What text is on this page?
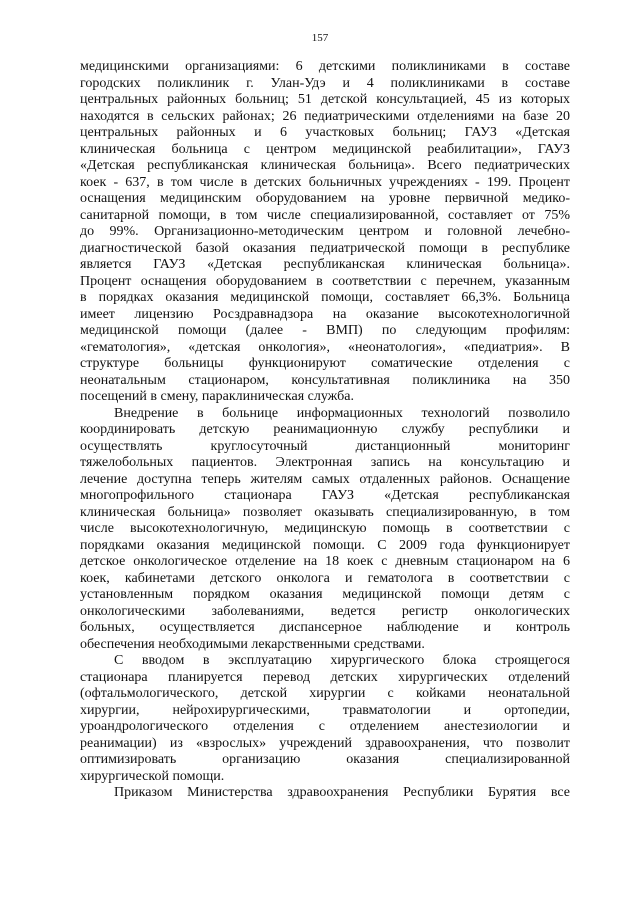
157
медицинскими организациями: 6 детскими поликлиниками в составе
городских поликлиник г. Улан-Удэ и 4 поликлиниками в составе
центральных районных больниц; 51 детской консультацией, 45 из которых
находятся в сельских районах; 26 педиатрическими отделениями на базе 20
центральных районных и 6 участковых больниц; ГАУЗ «Детская
клиническая больница с центром медицинской реабилитации», ГАУЗ
«Детская республиканская клиническая больница». Всего педиатрических
коек - 637, в том числе в детских больничных учреждениях - 199. Процент
оснащения медицинским оборудованием на уровне первичной медико-
санитарной помощи, в том числе специализированной, составляет от 75%
до 99%. Организационно-методическим центром и головной лечебно-
диагностической базой оказания педиатрической помощи в республике
является ГАУЗ «Детская республиканская клиническая больница».
Процент оснащения оборудованием в соответствии с перечнем, указанным
в порядках оказания медицинской помощи, составляет 66,3%. Больница
имеет лицензию Росздравнадзора на оказание высокотехнологичной
медицинской помощи (далее - ВМП) по следующим профилям:
«гематология», «детская онкология», «неонатология», «педиатрия». В
структуре больницы функционируют соматические отделения с
неонатальным стационаром, консультативная поликлиника на 350
посещений в смену, параклиническая служба.
Внедрение в больнице информационных технологий позволило
координировать детскую реанимационную службу республики и
осуществлять круглосуточный дистанционный мониторинг
тяжелобольных пациентов. Электронная запись на консультацию и
лечение доступна теперь жителям самых отдаленных районов. Оснащение
многопрофильного стационара ГАУЗ «Детская республиканская
клиническая больница» позволяет оказывать специализированную, в том
числе высокотехнологичную, медицинскую помощь в соответствии с
порядками оказания медицинской помощи. С 2009 года функционирует
детское онкологическое отделение на 18 коек с дневным стационаром на 6
коек, кабинетами детского онколога и гематолога в соответствии с
установленным порядком оказания медицинской помощи детям с
онкологическими заболеваниями, ведется регистр онкологических
больных, осуществляется диспансерное наблюдение и контроль
обеспечения необходимыми лекарственными средствами.
С вводом в эксплуатацию хирургического блока строящегося
стационара планируется перевод детских хирургических отделений
(офтальмологического, детской хирургии с койками неонатальной
хирургии, нейрохирургическими, травматологии и ортопедии,
уроандрологического отделения с отделением анестезиологии и
реанимации) из «взрослых» учреждений здравоохранения, что позволит
оптимизировать организацию оказания специализированной
хирургической помощи.
Приказом Министерства здравоохранения Республики Бурятия все
